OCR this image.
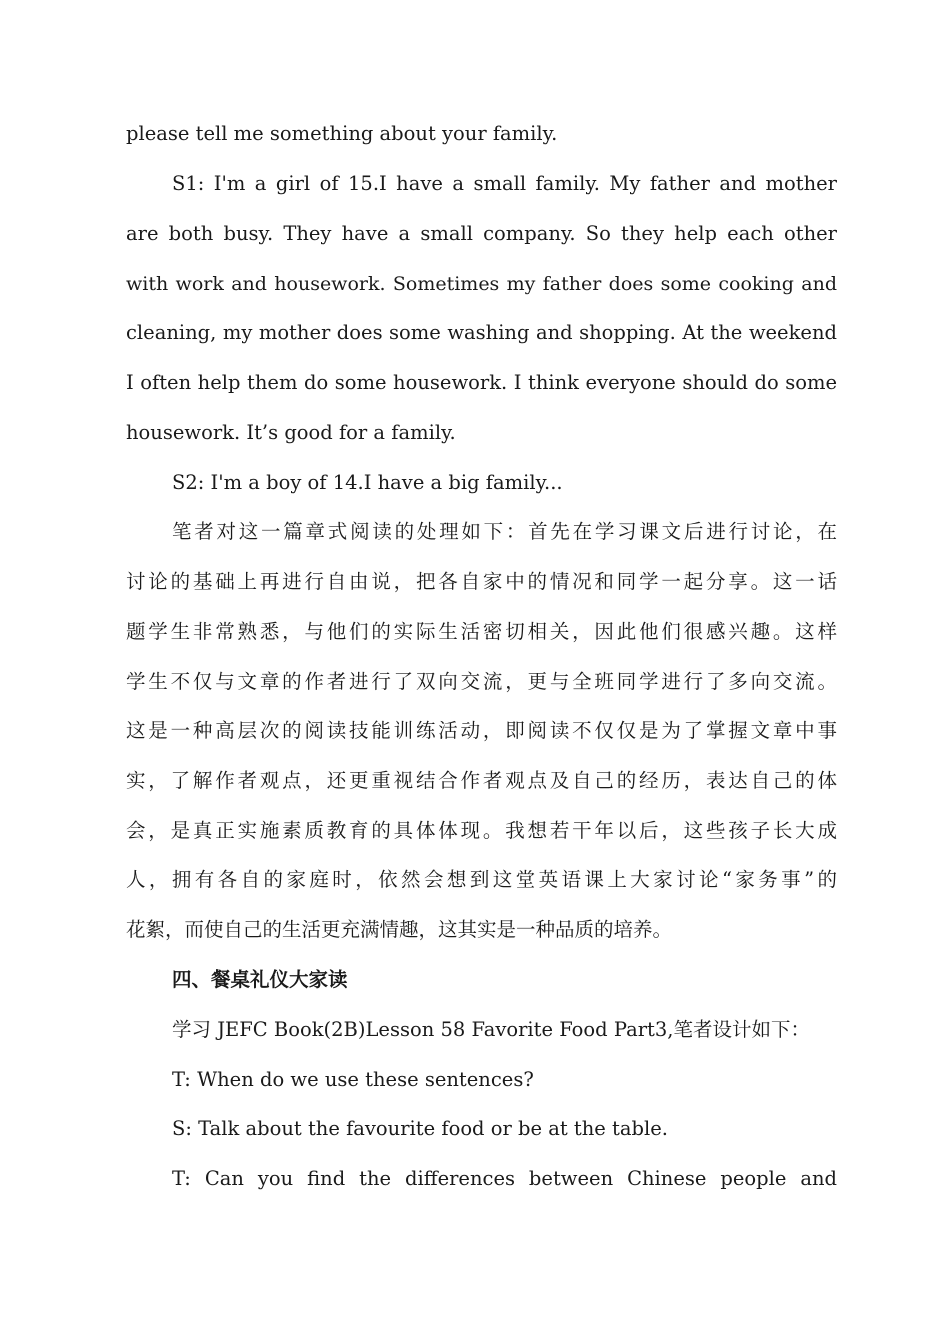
please tell me something about your family.
S1: I'm a girl of 15.I have a small family. My father and mother
are both busy. They have a small company. So they help each other
with work and housework. Sometimes my father does some cooking and
cleaning, my mother does some washing and shopping. At the weekend
I often help them do some housework. I think everyone should do some
housework. It’s good for a family.
S2: I'm a boy of 14.I have a big family...
笔者对这一篇章式阅读的处理如下：首先在学习课文后进行讨论，在
讨论的基础上再进行自由说，把各自家中的情况和同学一起分享。这一话
题学生非常熟悉，与他们的实际生活密切相关，因此他们很感兴趣。这样
学生不仅与文章的作者进行了双向交流，更与全班同学进行了多向交流。
这是一种高层次的阅读技能训练活动，即阅读不仅仅是为了掌握文章中事
实，了解作者观点，还更重视结合作者观点及自己的经历，表达自己的体
会，是真正实施素质教育的具体体现。我想若干年以后，这些孩子长大成
人，拥有各自的家庭时，依然会想到这堂英语课上大家讨论“家务事”的
花絮，而使自己的生活更充满情趣，这其实是一种品质的培养。
四、餐桌礼仪大家读
学习 JEFC Book(2B)Lesson 58 Favorite Food Part3,笔者设计如下：
T: When do we use these sentences?
S: Talk about the favourite food or be at the table.
T: Can you find the differences between Chinese people and
